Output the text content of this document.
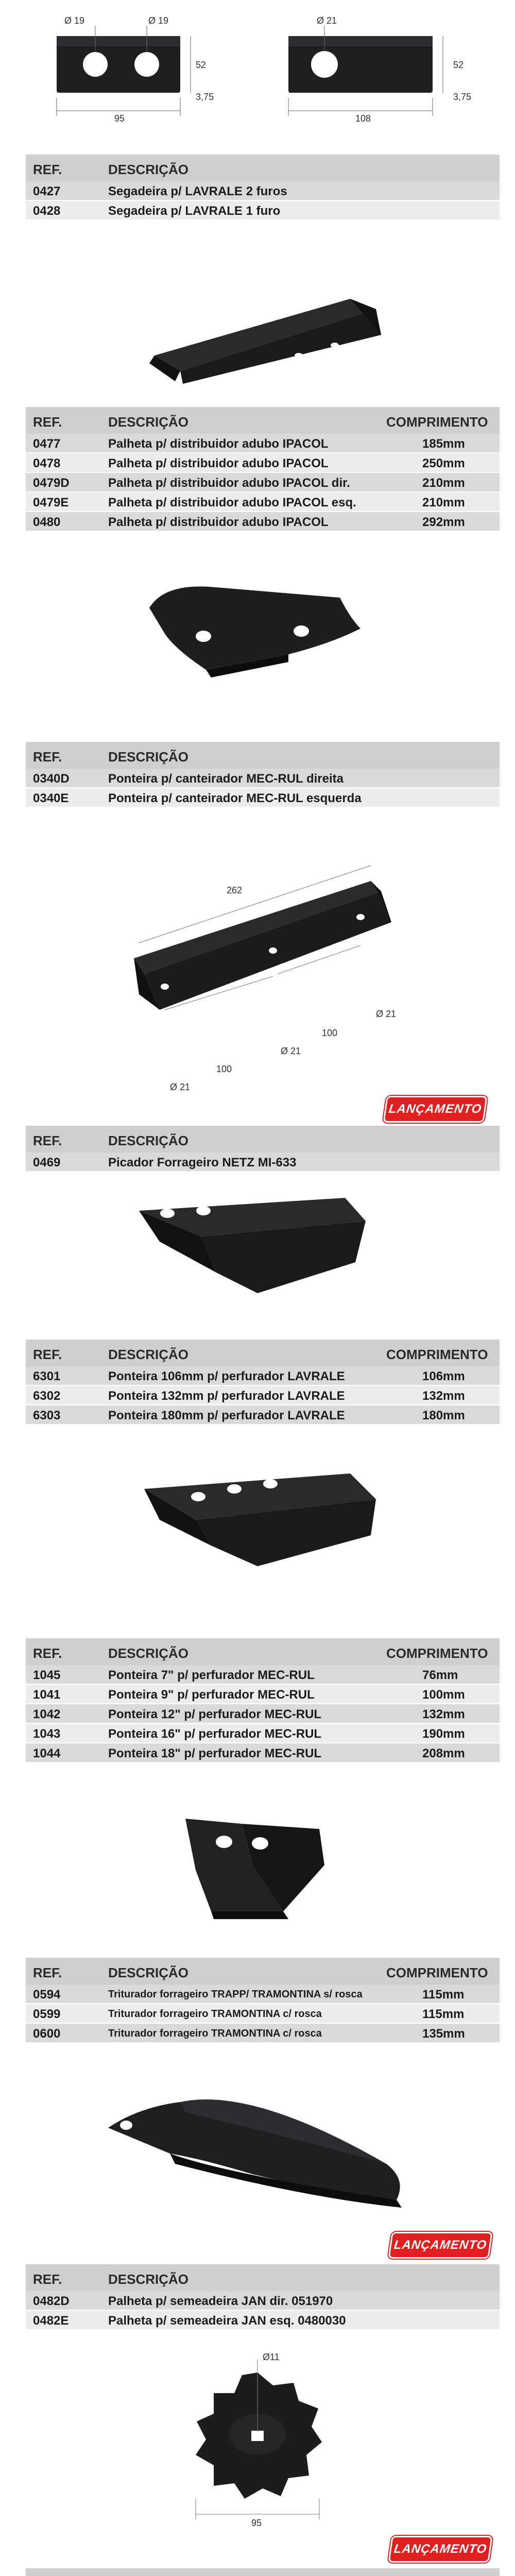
Ø 19	Ø 19
52
3,75
95
Ø 21
52
3,75
108
REF.	DESCRIÇÃO
0427	Segadeira p/ LAVRALE 2 furos
0428	Segadeira p/ LAVRALE 1 furo
REF.	DESCRIÇÃO	COMPRIMENTO
0477	Palheta p/ distribuidor adubo IPACOL	185mm
0478	Palheta p/ distribuidor adubo IPACOL	250mm
0479D	Palheta p/ distribuidor adubo IPACOL dir.	210mm
0479E	Palheta p/ distribuidor adubo IPACOL esq.	210mm
0480	Palheta p/ distribuidor adubo IPACOL	292mm
REF.	DESCRIÇÃO
0340D	Ponteira p/ canteirador MEC-RUL direita
0340E	Ponteira p/ canteirador MEC-RUL esquerda
262
Ø 21
Ø 21
Ø 21
100
100
LANÇAMENTO
REF.	DESCRIÇÃO
0469	Picador Forrageiro NETZ MI-633
REF.	DESCRIÇÃO	COMPRIMENTO
6301	Ponteira 106mm p/ perfurador LAVRALE	106mm
6302	Ponteira 132mm p/ perfurador LAVRALE	132mm
6303	Ponteira 180mm p/ perfurador LAVRALE	180mm
REF.	DESCRIÇÃO	COMPRIMENTO
1045	Ponteira 7" p/ perfurador MEC-RUL	76mm
1041	Ponteira 9" p/ perfurador MEC-RUL	100mm
1042	Ponteira 12" p/ perfurador MEC-RUL	132mm
1043	Ponteira 16" p/ perfurador MEC-RUL	190mm
1044	Ponteira 18" p/ perfurador MEC-RUL	208mm
REF.	DESCRIÇÃO	COMPRIMENTO
0594	Triturador forrageiro TRAPP/ TRAMONTINA s/ rosca	115mm
0599	Triturador forrageiro TRAMONTINA c/ rosca	115mm
0600	Triturador forrageiro TRAMONTINA c/ rosca	135mm
LANÇAMENTO
REF.	DESCRIÇÃO
0482D	Palheta p/ semeadeira JAN dir. 051970
0482E	Palheta p/ semeadeira JAN esq. 0480030
Ø11
95
LANÇAMENTO
